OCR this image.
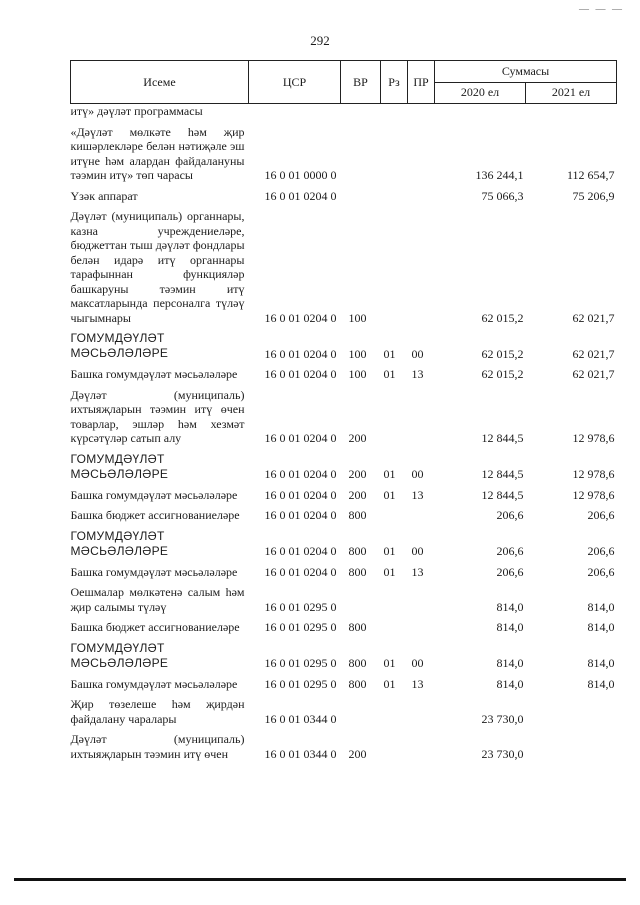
— — —
292
Исеме	ЦСР	ВР	Рз	ПР	Суммасы	
					2020 ел	2021 ел
итү» дәүләт программасы						

«Дәүләт мөлкәте һәм җир кишәрлекләре белән нәтиҗәле эш итүне һәм алардан файдалануны тәэмин итү» төп чарасы	16 0 01 0000 0				136 244,1	112 654,7

Үзәк аппарат	16 0 01 0204 0				75 066,3	75 206,9

Дәүләт (муниципаль) органнары, казна учреждениеләре, бюджеттан тыш дәүләт фондлары белән идарә итү органнары тарафыннан функцияләр башкаруны тәэмин итү максатларында персоналга түләү чыгымнары	16 0 01 0204 0	100			62 015,2	62 021,7

ГОМУМДӘҮЛӘТ МӘСЬӘЛӘЛӘРЕ	16 0 01 0204 0	100	01	00	62 015,2	62 021,7

Башка гомумдәүләт мәсьәләләре	16 0 01 0204 0	100	01	13	62 015,2	62 021,7

Дәүләт (муниципаль) ихтыяҗларын тәэмин итү өчен товарлар, эшләр һәм хезмәт күрсәтүләр сатып алу	16 0 01 0204 0	200			12 844,5	12 978,6

ГОМУМДӘҮЛӘТ МӘСЬӘЛӘЛӘРЕ	16 0 01 0204 0	200	01	00	12 844,5	12 978,6

Башка гомумдәүләт мәсьәләләре	16 0 01 0204 0	200	01	13	12 844,5	12 978,6

Башка бюджет ассигнованиеләре	16 0 01 0204 0	800			206,6	206,6

ГОМУМДӘҮЛӘТ МӘСЬӘЛӘЛӘРЕ	16 0 01 0204 0	800	01	00	206,6	206,6

Башка гомумдәүләт мәсьәләләре	16 0 01 0204 0	800	01	13	206,6	206,6

Оешмалар мөлкәтенә салым һәм җир салымы түләү	16 0 01 0295 0				814,0	814,0

Башка бюджет ассигнованиеләре	16 0 01 0295 0	800			814,0	814,0

ГОМУМДӘҮЛӘТ МӘСЬӘЛӘЛӘРЕ	16 0 01 0295 0	800	01	00	814,0	814,0

Башка гомумдәүләт мәсьәләләре	16 0 01 0295 0	800	01	13	814,0	814,0

Җир төзелеше һәм җирдән файдалану чаралары	16 0 01 0344 0				23 730,0	

Дәүләт (муниципаль) ихтыяҗларын тәэмин итү өчен	16 0 01 0344 0	200			23 730,0	
